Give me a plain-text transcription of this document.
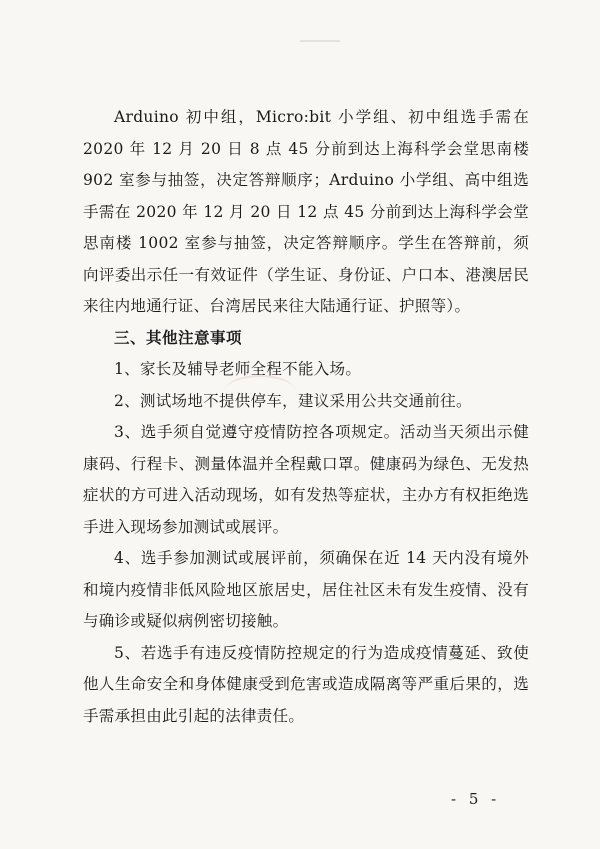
Arduino 初中组，Micro:bit 小学组、初中组选手需在 2020 年 12 月 20 日 8 点 45 分前到达上海科学会堂思南楼 902 室参与抽签，决定答辩顺序；Arduino 小学组、高中组选手需在 2020 年 12 月 20 日 12 点 45 分前到达上海科学会堂思南楼 1002 室参与抽签，决定答辩顺序。学生在答辩前，须向评委出示任一有效证件（学生证、身份证、户口本、港澳居民来往内地通行证、台湾居民来往大陆通行证、护照等）。

三、其他注意事项

1、家长及辅导老师全程不能入场。

2、测试场地不提供停车，建议采用公共交通前往。

3、选手须自觉遵守疫情防控各项规定。活动当天须出示健康码、行程卡、测量体温并全程戴口罩。健康码为绿色、无发热症状的方可进入活动现场，如有发热等症状，主办方有权拒绝选手进入现场参加测试或展评。

4、选手参加测试或展评前，须确保在近 14 天内没有境外和境内疫情非低风险地区旅居史，居住社区未有发生疫情、没有与确诊或疑似病例密切接触。

5、若选手有违反疫情防控规定的行为造成疫情蔓延、致使他人生命安全和身体健康受到危害或造成隔离等严重后果的，选手需承担由此引起的法律责任。

- 5 -
